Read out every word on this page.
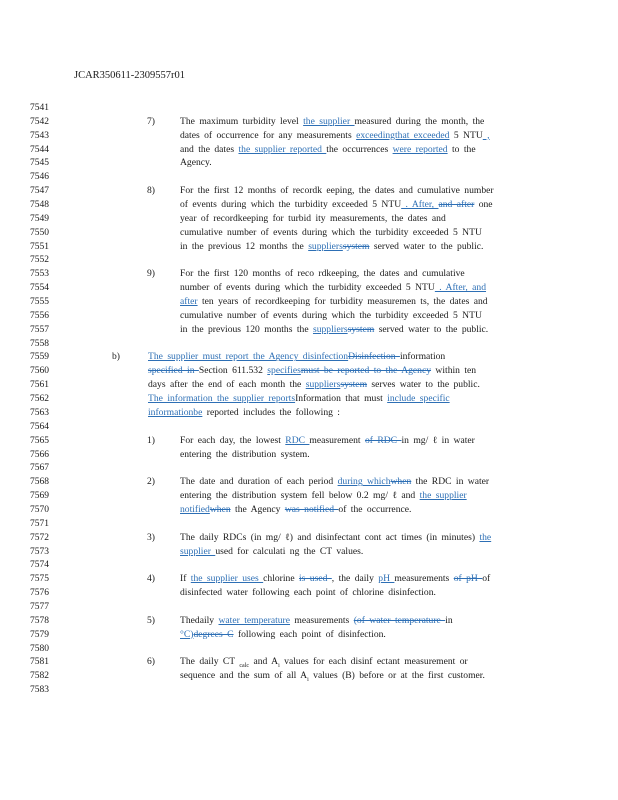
JCAR350611-2309557r01
7541
7542	7)	The maximum turbidity level the supplier measured during the month, the
7543	dates of occurrence for any measurements exceedingthat exceeded 5 NTU ,
7544	and the dates the supplier reported the occurrences were reported to the
7545	Agency.
7546
7547	8)	For the first 12 months of recordk eeping, the dates and cumulative number
7548	of events during which the turbidity exceeded 5 NTU . After, and after one
7549	year of recordkeeping for turbid ity measurements, the dates and
7550	cumulative number of events during which the turbidity exceeded 5 NTU
7551	in the previous 12 months the supplierssystem served water to the public.
7552
7553	9)	For the first 120 months of reco rdkeeping, the dates and cumulative
7554	number of events during which the turbidity exceeded 5 NTU . After, and
7555	after ten years of recordkeeping for turbidity measuremen ts, the dates and
7556	cumulative number of events during which the turbidity exceeded 5 NTU
7557	in the previous 120 months the supplierssystem served water to the public.
7558
7559	b)	The supplier must report the Agency disinfectionDisinfection information
7560	specified in Section 611.532 specifiesmust be reported to the Agency within ten
7561	days after the end of each month the supplierssystem serves water to the public.
7562	The information the supplier reportsInformation that must include specific
7563	informationbe reported includes the following :
7564
7565	1)	For each day, the lowest RDC measurement of RDC in mg/ ℓ in water
7566	entering the distribution system.
7567
7568	2)	The date and duration of each period during whichwhen the RDC in water
7569	entering the distribution system fell below 0.2 mg/ ℓ and the supplier
7570	notifiedwhen the Agency was notified of the occurrence.
7571
7572	3)	The daily RDCs (in mg/ ℓ) and disinfectant cont act times (in minutes) the
7573	supplier used for calculati ng the CT values.
7574
7575	4)	If the supplier uses chlorine is used , the daily pH measurements of pH of
7576	disinfected water following each point of chlorine disinfection.
7577
7578	5)	Thedaily water temperature measurements (of water temperature in
7579	°C)degrees C following each point of disinfection.
7580
7581	6)	The daily CT $_{calc}$ and $A_i$ values for each disinf ectant measurement or
7582	sequence and the sum of all $A_i$ values (B) before or at the first customer.
7583
